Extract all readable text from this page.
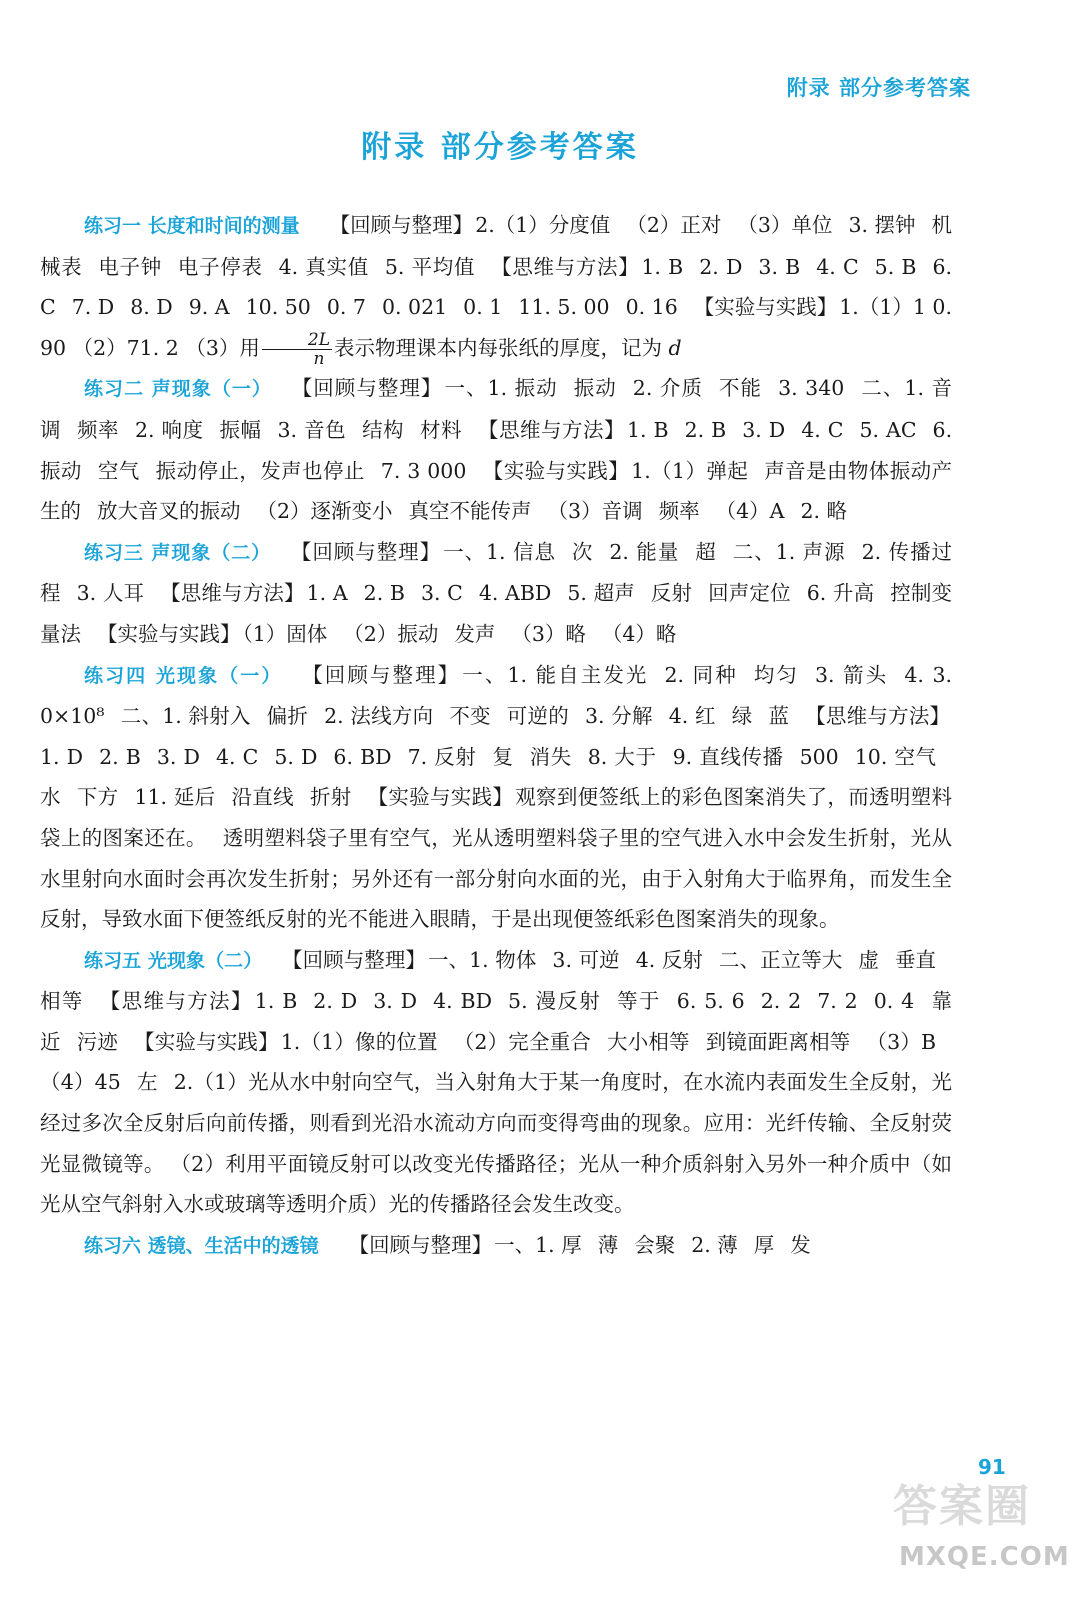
附录 部分参考答案
附录 部分参考答案

练习一 长度和时间的测量 【回顾与整理】2.（1）分度值 （2）正对 （3）单位 3. 摆钟 机械表 电子钟 电子停表 4. 真实值 5. 平均值 【思维与方法】1. B 2. D 3. B 4. C 5. B 6. C 7. D 8. D 9. A 10. 50 0. 7 0. 021 0. 1 11. 5. 00 0. 16 【实验与实践】1.（1）1 0. 90 （2）71. 2 （3）用 $\frac{2L}{n}$ 表示物理课本内每张纸的厚度，记为 d

练习二 声现象（一） 【回顾与整理】一、1. 振动 振动 2. 介质 不能 3. 340 二、1. 音调 频率 2. 响度 振幅 3. 音色 结构 材料 【思维与方法】1. B 2. B 3. D 4. C 5. AC 6. 振动 空气 振动停止，发声也停止 7. 3 000 【实验与实践】1.（1）弹起 声音是由物体振动产生的 放大音叉的振动 （2）逐渐变小 真空不能传声 （3）音调 频率 （4）A 2. 略

练习三 声现象（二） 【回顾与整理】一、1. 信息 次 2. 能量 超 二、1. 声源 2. 传播过程 3. 人耳 【思维与方法】1. A 2. B 3. C 4. ABD 5. 超声 反射 回声定位 6. 升高 控制变量法 【实验与实践】（1）固体 （2）振动 发声 （3）略 （4）略

练习四 光现象（一） 【回顾与整理】一、1. 能自主发光 2. 同种 均匀 3. 箭头 4. 3. 0×10⁸ 二、1. 斜射入 偏折 2. 法线方向 不变 可逆的 3. 分解 4. 红 绿 蓝 【思维与方法】1. D 2. B 3. D 4. C 5. D 6. BD 7. 反射 复 消失 8. 大于 9. 直线传播 500 10. 空气水 下方 11. 延后 沿直线 折射 【实验与实践】观察到便签纸上的彩色图案消失了，而透明塑料袋上的图案还在。 透明塑料袋子里有空气，光从透明塑料袋子里的空气进入水中会发生折射，光从水里射向水面时会再次发生折射；另外还有一部分射向水面的光，由于入射角大于临界角，而发生全反射，导致水面下便签纸反射的光不能进入眼睛，于是出现便签纸彩色图案消失的现象。

练习五 光现象（二） 【回顾与整理】一、1. 物体 3. 可逆 4. 反射 二、正立等大 虚 垂直相等 【思维与方法】1. B 2. D 3. D 4. BD 5. 漫反射 等于 6. 5. 6 2. 2 7. 2 0. 4 靠近 污迹 【实验与实践】1.（1）像的位置 （2）完全重合 大小相等 到镜面距离相等 （3）B（4）45 左 2.（1）光从水中射向空气，当入射角大于某一角度时，在水流内表面发生全反射，光经过多次全反射后向前传播，则看到光沿水流动方向而变得弯曲的现象。应用：光纤传输、全反射荧光显微镜等。 （2）利用平面镜反射可以改变光传播路径；光从一种介质斜射入另外一种介质中（如光从空气斜射入水或玻璃等透明介质）光的传播路径会发生改变。

练习六 透镜、生活中的透镜 【回顾与整理】一、1. 厚 薄 会聚 2. 薄 厚 发

91
答案圈
MXQE.COM
